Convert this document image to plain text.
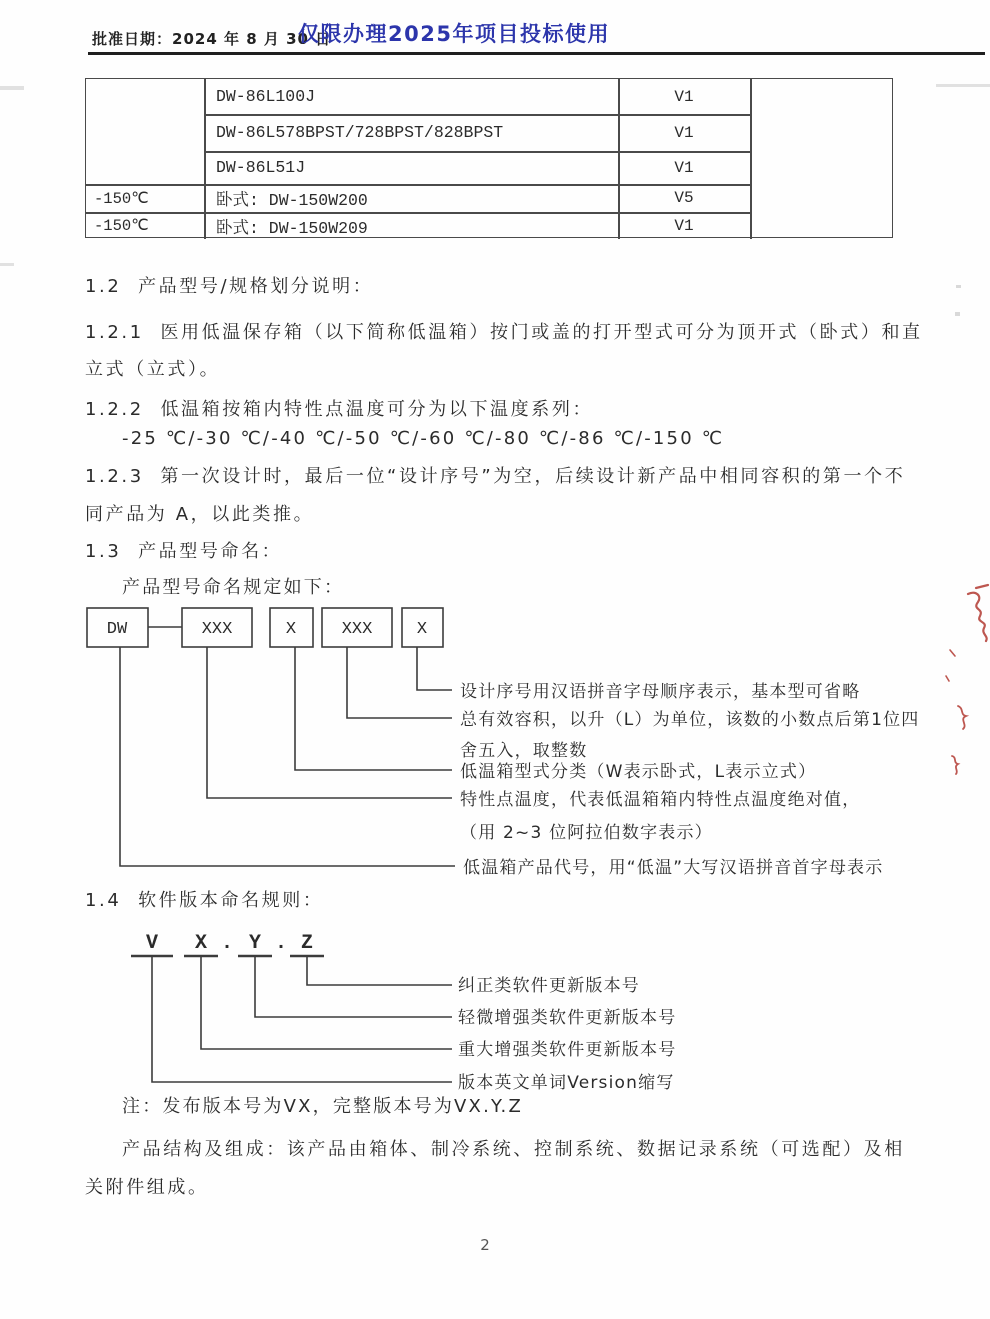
批准日期：2024 年 8 月 30 日
仅限办理2025年项目投标使用
DW-86L100J	V1
DW-86L578BPST/728BPST/828BPST	V1
DW-86L51J	V1
-150℃	卧式: DW-150W200	V5
-150℃	卧式: DW-150W209	V1
1.2  产品型号/规格划分说明：
1.2.1  医用低温保存箱（以下简称低温箱）按门或盖的打开型式可分为顶开式（卧式）和直
立式（立式）。
1.2.2  低温箱按箱内特性点温度可分为以下温度系列：
-25 ℃/-30 ℃/-40 ℃/-50 ℃/-60 ℃/-80 ℃/-86 ℃/-150 ℃
1.2.3  第一次设计时，最后一位“设计序号”为空，后续设计新产品中相同容积的第一个不
同产品为 A，以此类推。
1.3  产品型号命名：
产品型号命名规定如下：
DW	XXX	X	XXX	X
设计序号用汉语拼音字母顺序表示，基本型可省略
总有效容积，以升（L）为单位，该数的小数点后第1位四
舍五入，取整数
低温箱型式分类（W表示卧式，L表示立式）
特性点温度，代表低温箱箱内特性点温度绝对值，
（用 2~3 位阿拉伯数字表示）
低温箱产品代号，用“低温”大写汉语拼音首字母表示
1.4  软件版本命名规则：
V X . Y . Z
纠正类软件更新版本号
轻微增强类软件更新版本号
重大增强类软件更新版本号
版本英文单词Version缩写
注：发布版本号为VX，完整版本号为VX.Y.Z
产品结构及组成：该产品由箱体、制冷系统、控制系统、数据记录系统（可选配）及相
关附件组成。
2
